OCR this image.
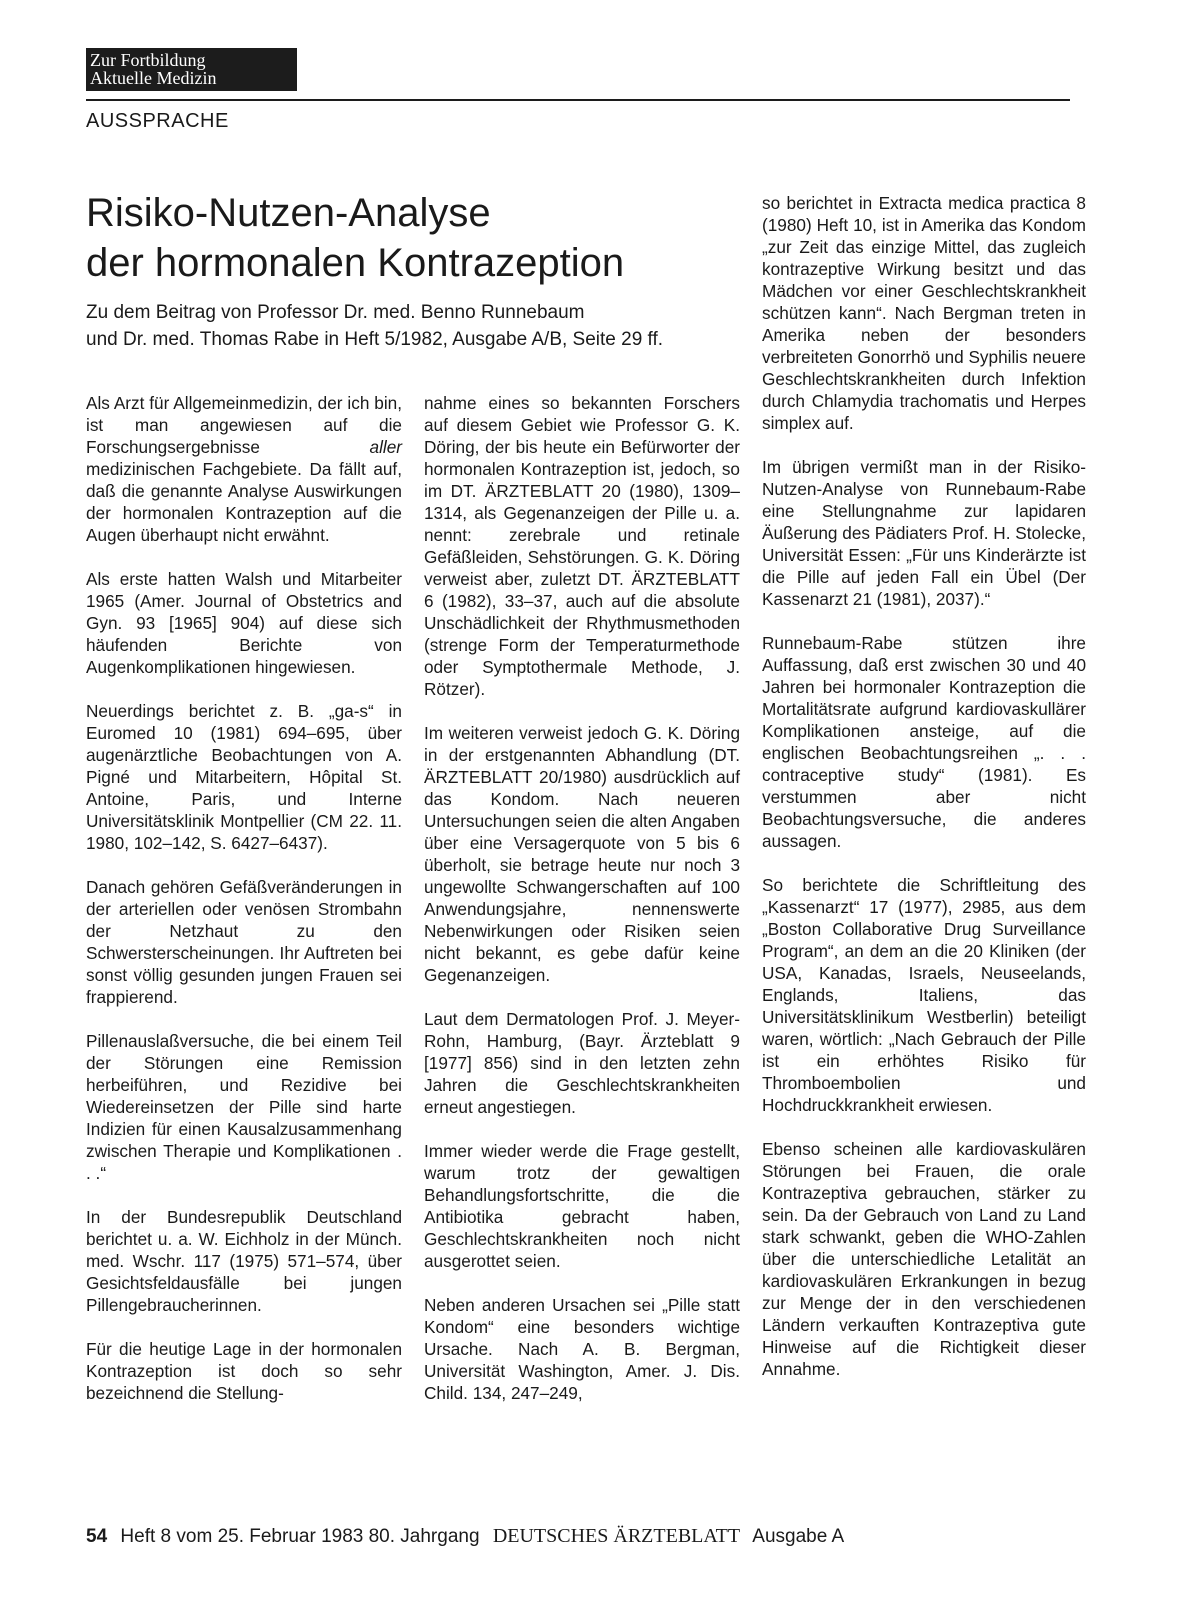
Zur Fortbildung
Aktuelle Medizin
AUSSPRACHE
Risiko-Nutzen-Analyse
der hormonalen Kontrazeption
Zu dem Beitrag von Professor Dr. med. Benno Runnebaum
und Dr. med. Thomas Rabe in Heft 5/1982, Ausgabe A/B, Seite 29 ff.

Als Arzt für Allgemeinmedizin, der ich bin, ist man angewiesen auf die Forschungsergebnisse aller medizinischen Fachgebiete. Da fällt auf, daß die genannte Analyse Auswirkungen der hormonalen Kontrazeption auf die Augen überhaupt nicht erwähnt.

Als erste hatten Walsh und Mitarbeiter 1965 (Amer. Journal of Obstetrics and Gyn. 93 [1965] 904) auf diese sich häufenden Berichte von Augenkomplikationen hingewiesen.

Neuerdings berichtet z. B. „ga-s“ in Euromed 10 (1981) 694–695, über augenärztliche Beobachtungen von A. Pigné und Mitarbeitern, Hôpital St. Antoine, Paris, und Interne Universitätsklinik Montpellier (CM 22. 11. 1980, 102–142, S. 6427–6437).

Danach gehören Gefäßveränderungen in der arteriellen oder venösen Strombahn der Netzhaut zu den Schwersterscheinungen. Ihr Auftreten bei sonst völlig gesunden jungen Frauen sei frappierend.

Pillenauslaßversuche, die bei einem Teil der Störungen eine Remission herbeiführen, und Rezidive bei Wiedereinsetzen der Pille sind harte Indizien für einen Kausalzusammenhang zwischen Therapie und Komplikationen . . .“

In der Bundesrepublik Deutschland berichtet u. a. W. Eichholz in der Münch. med. Wschr. 117 (1975) 571–574, über Gesichtsfeldausfälle bei jungen Pillengebraucherinnen.

Für die heutige Lage in der hormonalen Kontrazeption ist doch so sehr bezeichnend die Stellung-

nahme eines so bekannten Forschers auf diesem Gebiet wie Professor G. K. Döring, der bis heute ein Befürworter der hormonalen Kontrazeption ist, jedoch, so im DT. ÄRZTEBLATT 20 (1980), 1309–1314, als Gegenanzeigen der Pille u. a. nennt: zerebrale und retinale Gefäßleiden, Sehstörungen. G. K. Döring verweist aber, zuletzt DT. ÄRZTEBLATT 6 (1982), 33–37, auch auf die absolute Unschädlichkeit der Rhythmusmethoden (strenge Form der Temperaturmethode oder Symptothermale Methode, J. Rötzer).

Im weiteren verweist jedoch G. K. Döring in der erstgenannten Abhandlung (DT. ÄRZTEBLATT 20/1980) ausdrücklich auf das Kondom. Nach neueren Untersuchungen seien die alten Angaben über eine Versagerquote von 5 bis 6 überholt, sie betrage heute nur noch 3 ungewollte Schwangerschaften auf 100 Anwendungsjahre, nennenswerte Nebenwirkungen oder Risiken seien nicht bekannt, es gebe dafür keine Gegenanzeigen.

Laut dem Dermatologen Prof. J. Meyer-Rohn, Hamburg, (Bayr. Ärzteblatt 9 [1977] 856) sind in den letzten zehn Jahren die Geschlechtskrankheiten erneut angestiegen.

Immer wieder werde die Frage gestellt, warum trotz der gewaltigen Behandlungsfortschritte, die die Antibiotika gebracht haben, Geschlechtskrankheiten noch nicht ausgerottet seien.

Neben anderen Ursachen sei „Pille statt Kondom“ eine besonders wichtige Ursache. Nach A. B. Bergman, Universität Washington, Amer. J. Dis. Child. 134, 247–249,

so berichtet in Extracta medica practica 8 (1980) Heft 10, ist in Amerika das Kondom „zur Zeit das einzige Mittel, das zugleich kontrazeptive Wirkung besitzt und das Mädchen vor einer Geschlechtskrankheit schützen kann“. Nach Bergman treten in Amerika neben der besonders verbreiteten Gonorrhö und Syphilis neuere Geschlechtskrankheiten durch Infektion durch Chlamydia trachomatis und Herpes simplex auf.

Im übrigen vermißt man in der Risiko-Nutzen-Analyse von Runnebaum-Rabe eine Stellungnahme zur lapidaren Äußerung des Pädiaters Prof. H. Stolecke, Universität Essen: „Für uns Kinderärzte ist die Pille auf jeden Fall ein Übel (Der Kassenarzt 21 (1981), 2037).“

Runnebaum-Rabe stützen ihre Auffassung, daß erst zwischen 30 und 40 Jahren bei hormonaler Kontrazeption die Mortalitätsrate aufgrund kardiovaskullärer Komplikationen ansteige, auf die englischen Beobachtungsreihen „. . . contraceptive study“ (1981). Es verstummen aber nicht Beobachtungsversuche, die anderes aussagen.

So berichtete die Schriftleitung des „Kassenarzt“ 17 (1977), 2985, aus dem „Boston Collaborative Drug Surveillance Program“, an dem an die 20 Kliniken (der USA, Kanadas, Israels, Neuseelands, Englands, Italiens, das Universitätsklinikum Westberlin) beteiligt waren, wörtlich: „Nach Gebrauch der Pille ist ein erhöhtes Risiko für Thromboembolien und Hochdruckkrankheit erwiesen.

Ebenso scheinen alle kardiovaskulären Störungen bei Frauen, die orale Kontrazeptiva gebrauchen, stärker zu sein. Da der Gebrauch von Land zu Land stark schwankt, geben die WHO-Zahlen über die unterschiedliche Letalität an kardiovaskulären Erkrankungen in bezug zur Menge der in den verschiedenen Ländern verkauften Kontrazeptiva gute Hinweise auf die Richtigkeit dieser Annahme.

54 Heft 8 vom 25. Februar 1983 80. Jahrgang DEUTSCHES ÄRZTEBLATT Ausgabe A
